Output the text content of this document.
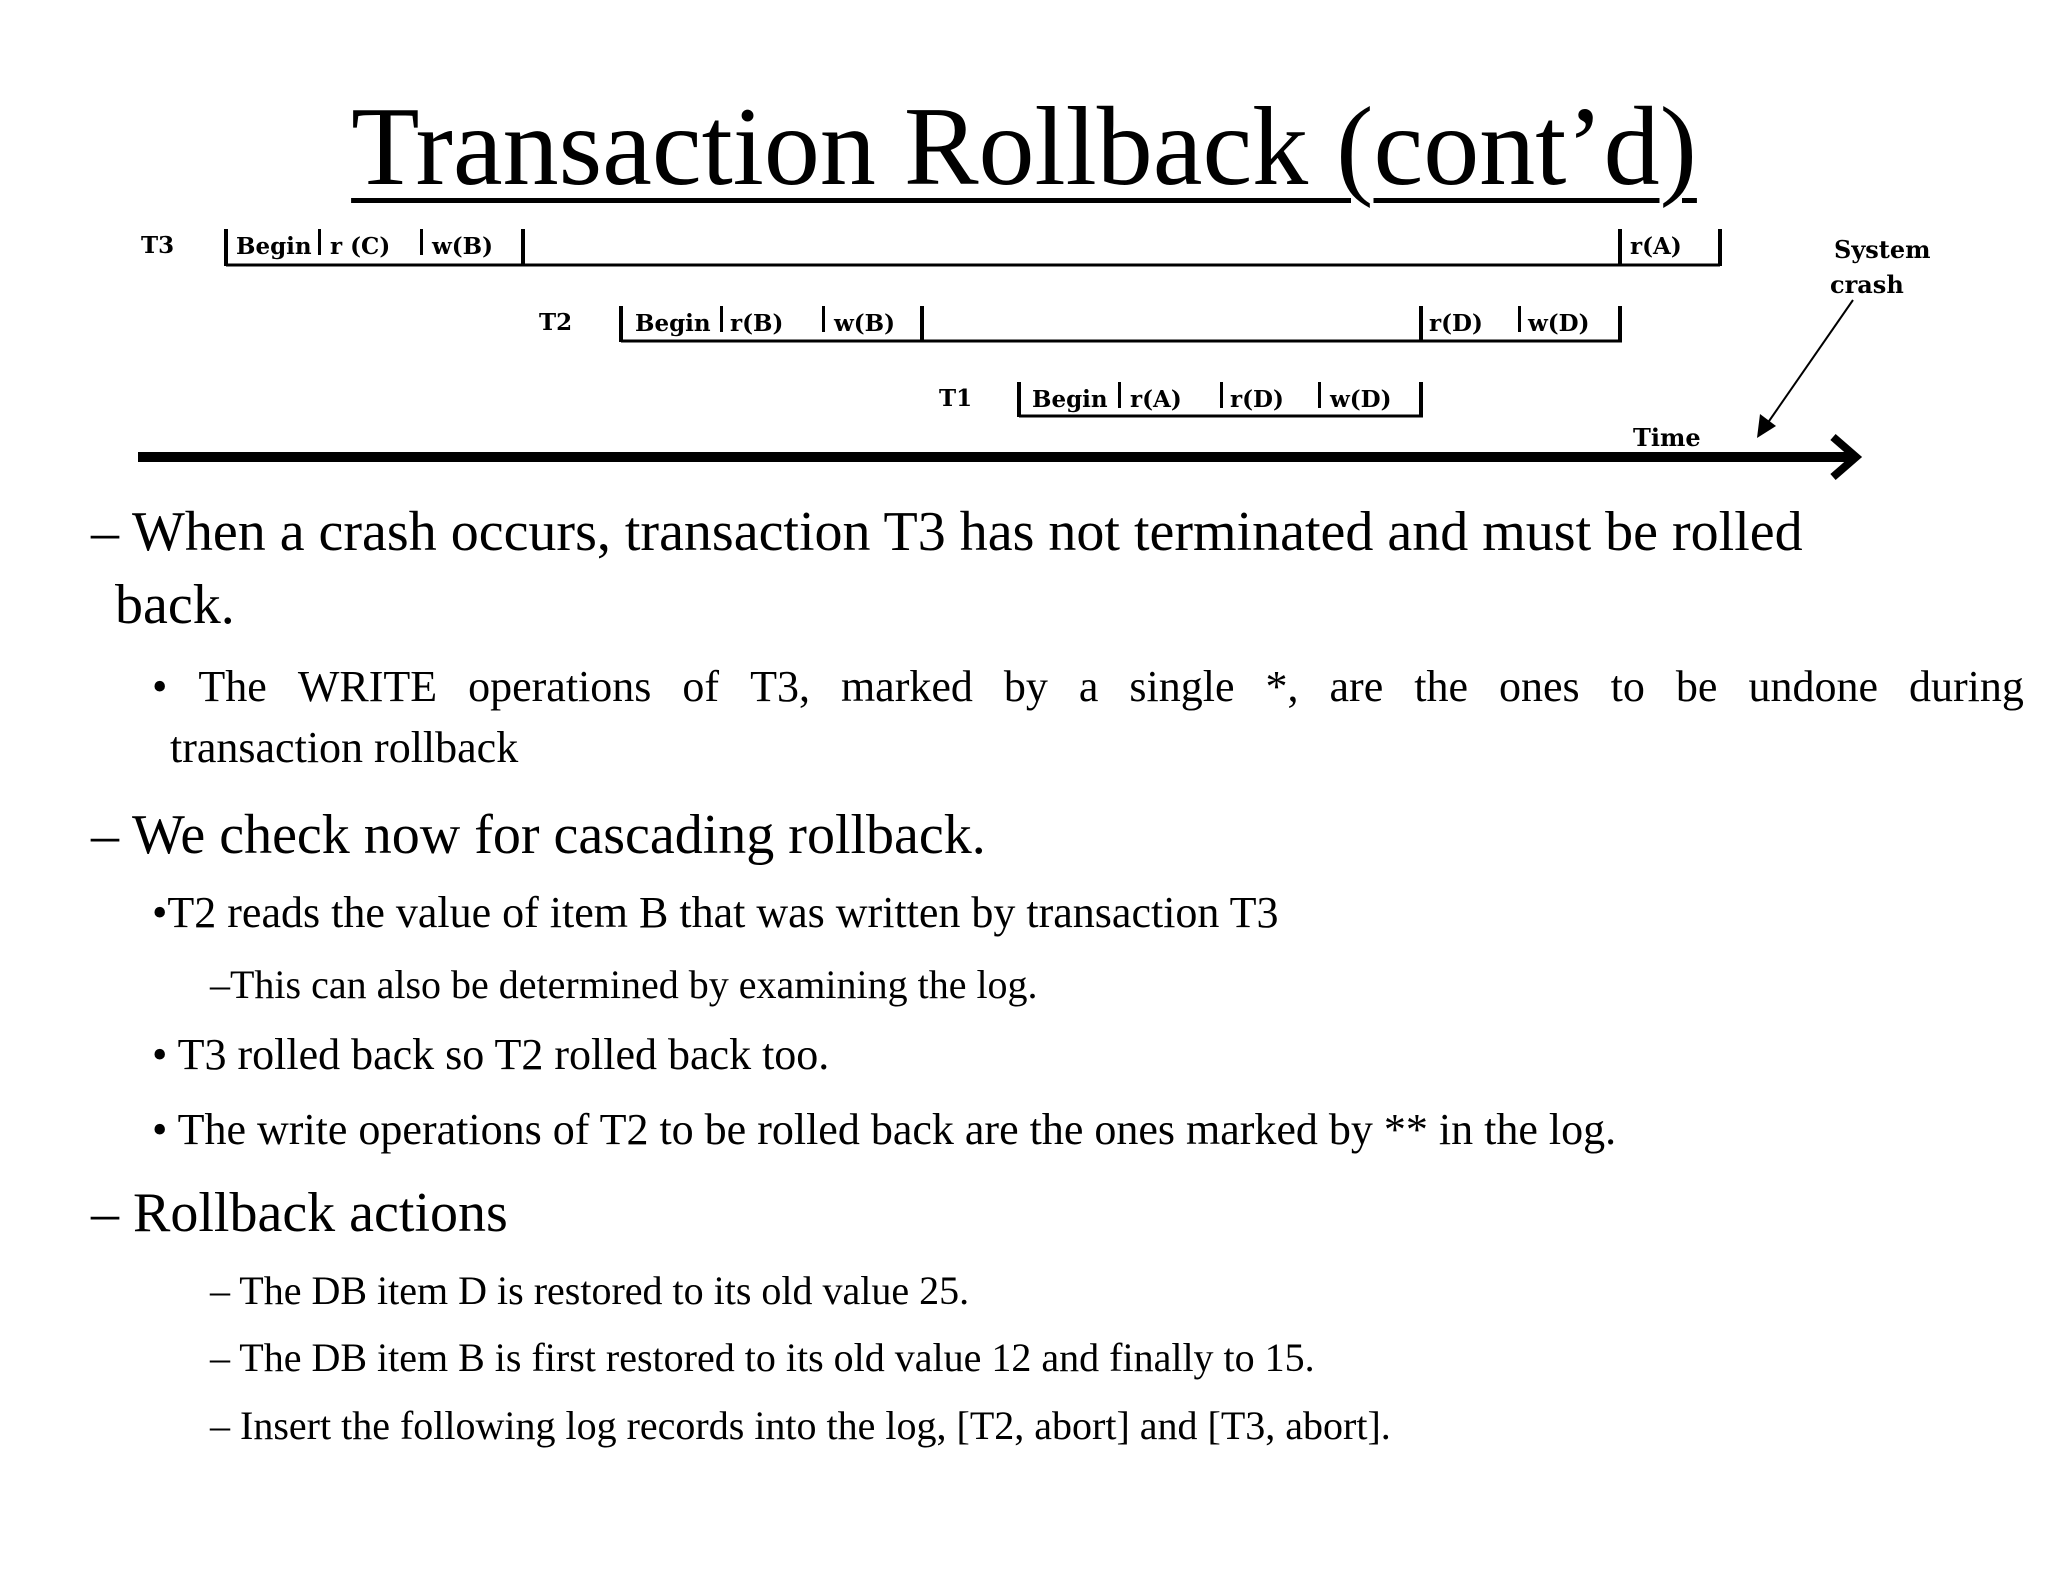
Transaction Rollback (cont’d)
T3	Begin r (C) w(B)	r(A)
T2	Begin r(B) w(B)	r(D) w(D)
T1	Begin r(A) r(D) w(D)
Time
System
crash
– When a crash occurs, transaction T3 has not terminated and must be rolled
back.
• The WRITE operations of T3, marked by a single *, are the ones to be undone during
transaction rollback
– We check now for cascading rollback.
•T2 reads the value of item B that was written by transaction T3
–This can also be determined by examining the log.
• T3 rolled back so T2 rolled back too.
• The write operations of T2 to be rolled back are the ones marked by ** in the log.
– Rollback actions
– The DB item D is restored to its old value 25.
– The DB item B is first restored to its old value 12 and finally to 15.
– Insert the following log records into the log, [T2, abort] and [T3, abort].
